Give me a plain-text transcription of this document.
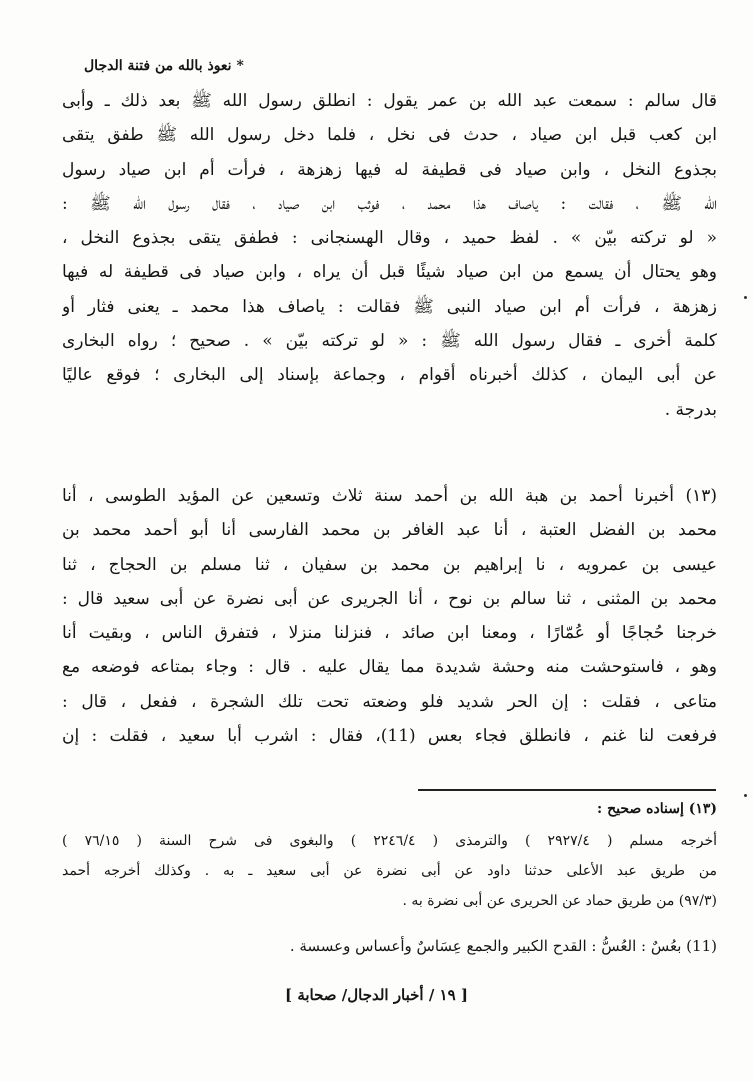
* نعوذ بالله من فتنة الدجال
قال سالم : سمعت عبد الله بن عمر يقول : انطلق رسول الله ﷺ بعد ذلك ـ وأبى
ابن كعب قبل ابن صياد ، حدث فى نخل ، فلما دخل رسول الله ﷺ طفق يتقى
بجذوع النخل ، وابن صياد فى قطيفة له فيها زهزهة ، فرأت أم ابن صياد رسول
الله ﷺ ، فقالت : ياصاف هذا محمد ، فوثب ابن صياد ، فقال رسول الله ﷺ :
« لو تركته بيّن » . لفظ حميد ، وقال الهسنجانى : فطفق يتقى بجذوع النخل ،
وهو يحتال أن يسمع من ابن صياد شيئًا قبل أن يراه ، وابن صياد فى قطيفة له فيها
زهزهة ، فرأت أم ابن صياد النبى ﷺ فقالت : ياصاف هذا محمد ـ يعنى فثار أو
كلمة أخرى ـ فقال رسول الله ﷺ : « لو تركته بيّن » . صحيح ؛ رواه البخارى
عن أبى اليمان ، كذلك أخبرناه أقوام ، وجماعة بإسناد إلى البخارى ؛ فوقع عاليًا
بدرجة .
(١٣) أخبرنا أحمد بن هبة الله بن أحمد سنة ثلاث وتسعين عن المؤيد الطوسى ، أنا
محمد بن الفضل العتبة ، أنا عبد الغافر بن محمد الفارسى أنا أبو أحمد محمد بن
عيسى بن عمرويه ، نا إبراهيم بن محمد بن سفيان ، ثنا مسلم بن الحجاج ، ثنا
محمد بن المثنى ، ثنا سالم بن نوح ، أنا الجريرى عن أبى نضرة عن أبى سعيد قال :
خرجنا حُجاجًا أو عُمّارًا ، ومعنا ابن صائد ، فنزلنا منزلا ، فتفرق الناس ، وبقيت أنا
وهو ، فاستوحشت منه وحشة شديدة مما يقال عليه . قال : وجاء بمتاعه فوضعه مع
متاعى ، فقلت : إن الحر شديد فلو وضعته تحت تلك الشجرة ، ففعل ، قال :
فرفعت لنا غنم ، فانطلق فجاء بعس (11)، فقال : اشرب أبا سعيد ، فقلت : إن
(١٣) إسناده صحيح :
أخرجه مسلم ( ٢٩٢٧/٤ ) والترمذى ( ٢٢٤٦/٤ ) والبغوى فى شرح السنة ( ٧٦/١٥ )
من طريق عبد الأعلى حدثنا داود عن أبى نضرة عن أبى سعيد ـ به . وكذلك أخرجه أحمد
(٩٧/٣) من طريق حماد عن الحريرى عن أبى نضرة به .
(11) بعُسٌ : العُسُّ : القدح الكبير والجمع عِسَاسٌ وأعساس وعسسة .
[ ١٩ / أخبار الدجال/ صحابة ]
